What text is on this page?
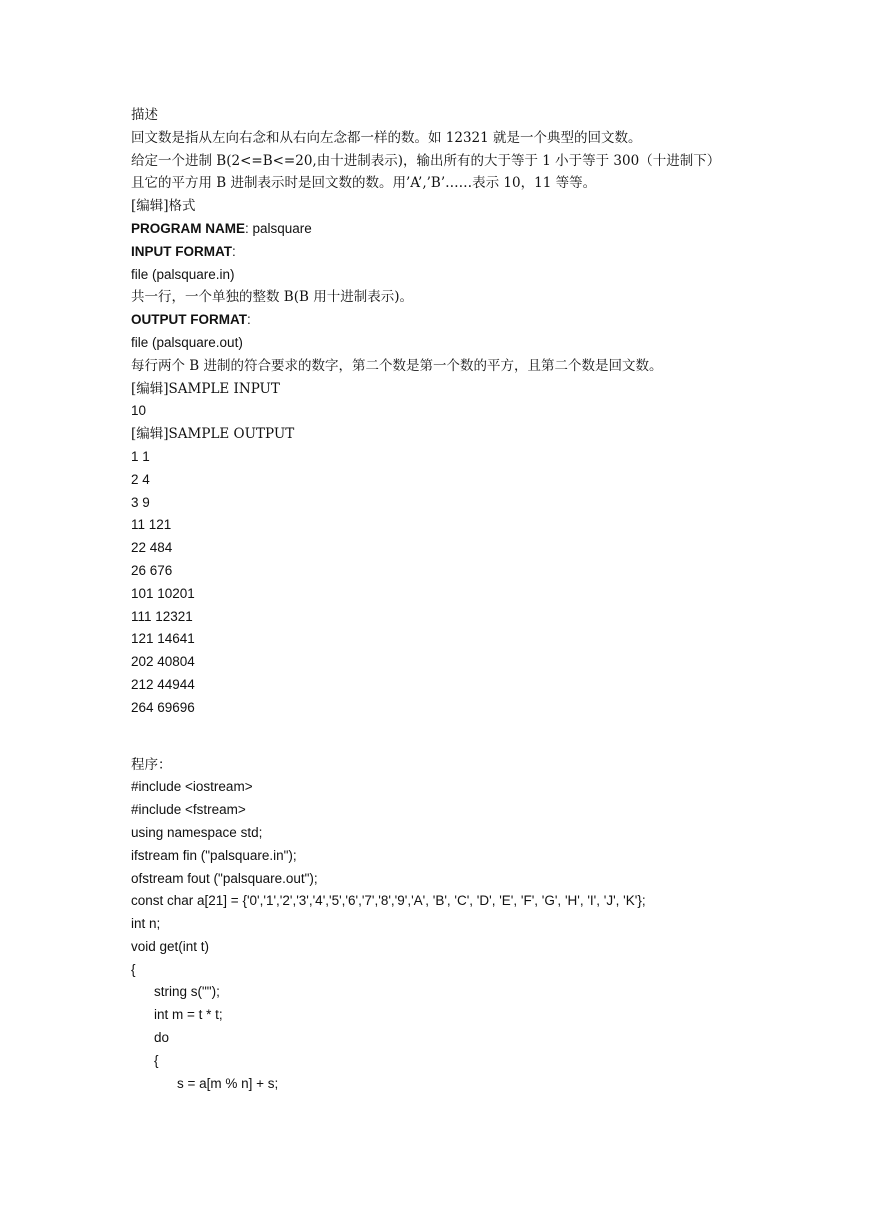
描述
回文数是指从左向右念和从右向左念都一样的数。如 12321 就是一个典型的回文数。
给定一个进制 B(2<=B<=20,由十进制表示)，输出所有的大于等于 1 小于等于 300（十进制下）
且它的平方用 B 进制表示时是回文数的数。用’A’,’B’……表示 10，11 等等。
[编辑]格式
PROGRAM NAME: palsquare
INPUT FORMAT:
file (palsquare.in)
共一行，一个单独的整数 B(B 用十进制表示)。
OUTPUT FORMAT:
file (palsquare.out)
每行两个 B 进制的符合要求的数字，第二个数是第一个数的平方，且第二个数是回文数。
[编辑]SAMPLE INPUT
10
[编辑]SAMPLE OUTPUT
1 1
2 4
3 9
11 121
22 484
26 676
101 10201
111 12321
121 14641
202 40804
212 44944
264 69696
程序：
#include <iostream>
#include <fstream>
using namespace std;
ifstream fin ("palsquare.in");
ofstream fout ("palsquare.out");
const char a[21] = {'0','1','2','3','4','5','6','7','8','9','A', 'B', 'C', 'D', 'E', 'F', 'G', 'H', 'I', 'J', 'K'};
int n;
void get(int t)
{
string s("");
int m = t * t;
do
{
s = a[m % n] + s;
